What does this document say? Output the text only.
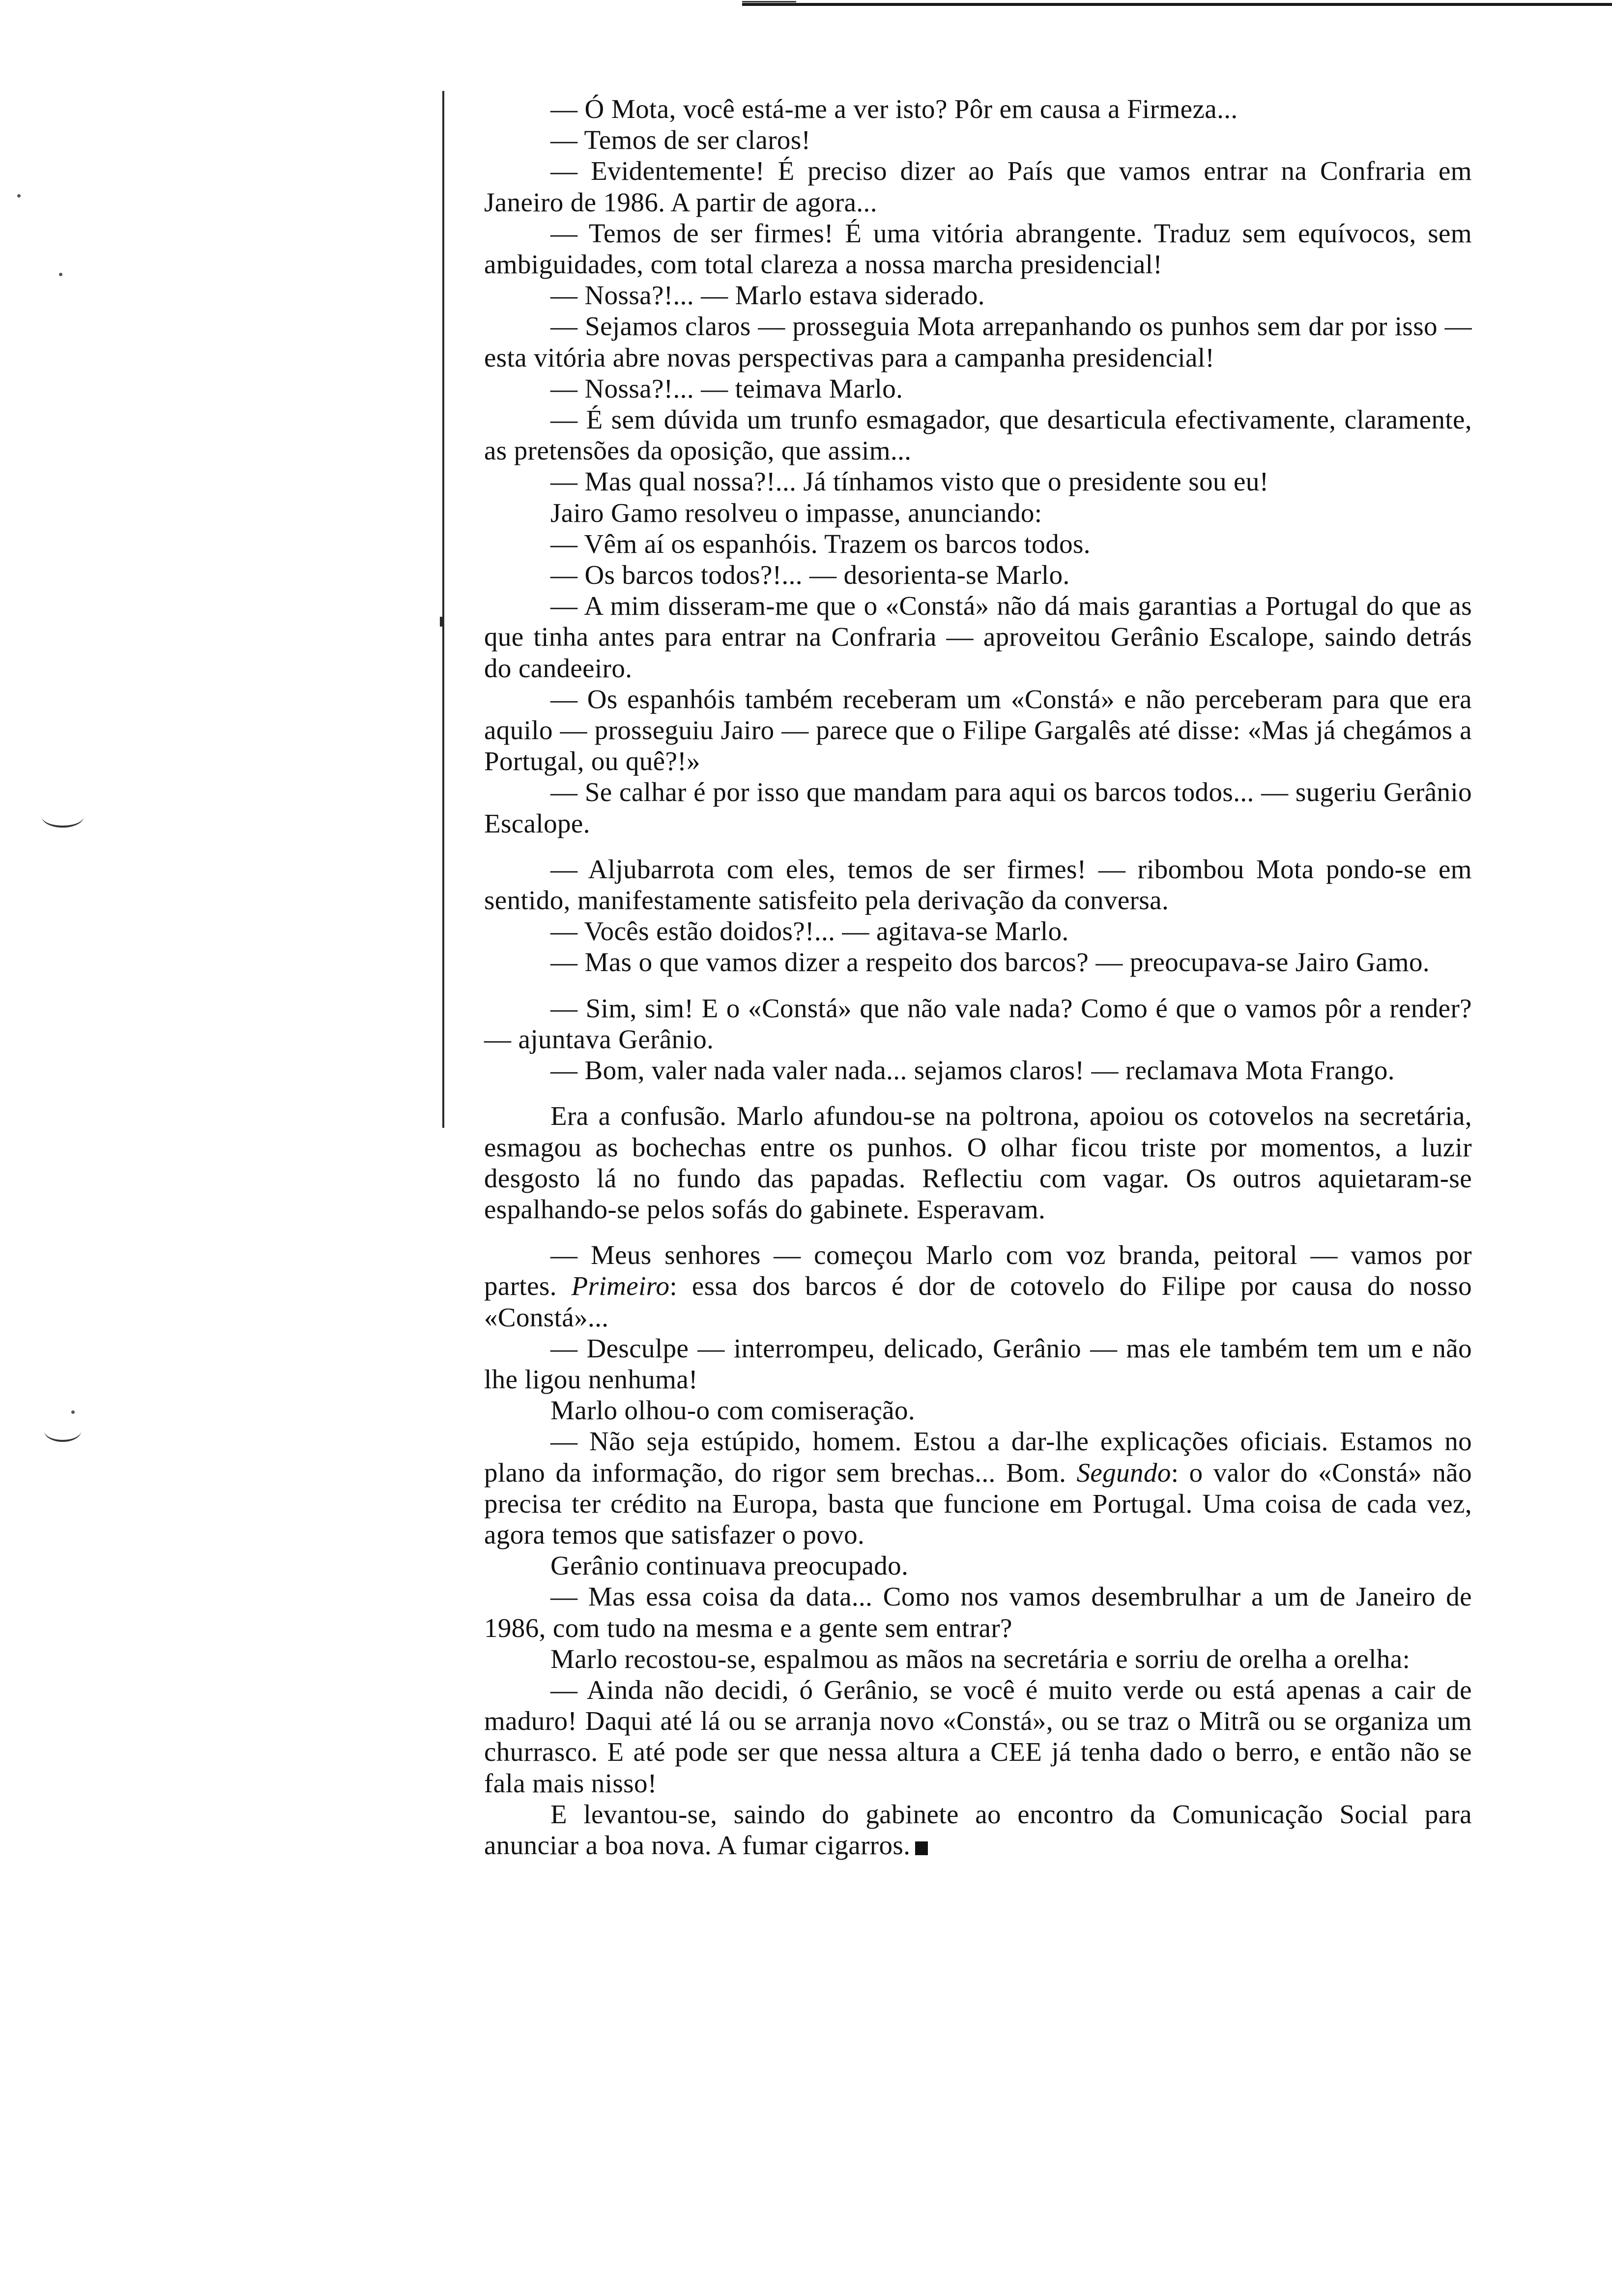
— Ó Mota, você está-me a ver isto? Pôr em causa a Firmeza...

— Temos de ser claros!

— Evidentemente! É preciso dizer ao País que vamos entrar na Confraria em Janeiro de 1986. A partir de agora...

— Temos de ser firmes! É uma vitória abrangente. Traduz sem equívocos, sem ambiguidades, com total clareza a nossa marcha presidencial!

— Nossa?!... — Marlo estava siderado.

— Sejamos claros — prosseguia Mota arrepanhando os punhos sem dar por isso — esta vitória abre novas perspectivas para a campanha presidencial!

— Nossa?!... — teimava Marlo.

— É sem dúvida um trunfo esmagador, que desarticula efectivamente, claramente, as pretensões da oposição, que assim...

— Mas qual nossa?!... Já tínhamos visto que o presidente sou eu!

Jairo Gamo resolveu o impasse, anunciando:

— Vêm aí os espanhóis. Trazem os barcos todos.

— Os barcos todos?!... — desorienta-se Marlo.

— A mim disseram-me que o «Constá» não dá mais garantias a Portugal do que as que tinha antes para entrar na Confraria — aproveitou Gerânio Escalope, saindo detrás do candeeiro.

— Os espanhóis também receberam um «Constá» e não perceberam para que era aquilo — prosseguiu Jairo — parece que o Filipe Gargalês até disse: «Mas já chegámos a Portugal, ou quê?!»

— Se calhar é por isso que mandam para aqui os barcos todos... — sugeriu Gerânio Escalope.

— Aljubarrota com eles, temos de ser firmes! — ribombou Mota pondo-se em sentido, manifestamente satisfeito pela derivação da conversa.

— Vocês estão doidos?!... — agitava-se Marlo.

— Mas o que vamos dizer a respeito dos barcos? — preocupava-se Jairo Gamo.

— Sim, sim! E o «Constá» que não vale nada? Como é que o vamos pôr a render? — ajuntava Gerânio.

— Bom, valer nada valer nada... sejamos claros! — reclamava Mota Frango.

Era a confusão. Marlo afundou-se na poltrona, apoiou os cotovelos na secretária, esmagou as bochechas entre os punhos. O olhar ficou triste por momentos, a luzir desgosto lá no fundo das papadas. Reflectiu com vagar. Os outros aquietaram-se espalhando-se pelos sofás do gabinete. Esperavam.

— Meus senhores — começou Marlo com voz branda, peitoral — vamos por partes. Primeiro: essa dos barcos é dor de cotovelo do Filipe por causa do nosso «Constá»...

— Desculpe — interrompeu, delicado, Gerânio — mas ele também tem um e não lhe ligou nenhuma!

Marlo olhou-o com comiseração.

— Não seja estúpido, homem. Estou a dar-lhe explicações oficiais. Estamos no plano da informação, do rigor sem brechas... Bom. Segundo: o valor do «Constá» não precisa ter crédito na Europa, basta que funcione em Portugal. Uma coisa de cada vez, agora temos que satisfazer o povo.

Gerânio continuava preocupado.

— Mas essa coisa da data... Como nos vamos desembrulhar a um de Janeiro de 1986, com tudo na mesma e a gente sem entrar?

Marlo recostou-se, espalmou as mãos na secretária e sorriu de orelha a orelha:

— Ainda não decidi, ó Gerânio, se você é muito verde ou está apenas a cair de maduro! Daqui até lá ou se arranja novo «Constá», ou se traz o Mitrã ou se organiza um churrasco. E até pode ser que nessa altura a CEE já tenha dado o berro, e então não se fala mais nisso!

E levantou-se, saindo do gabinete ao encontro da Comunicação Social para anunciar a boa nova. A fumar cigarros.
